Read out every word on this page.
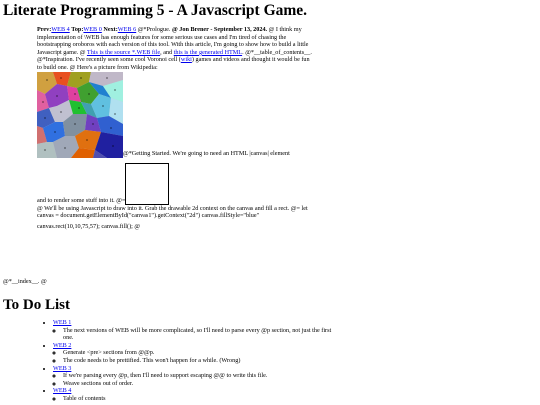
Literate Programming 5 - A Javascript Game.

Prev:WEB 4 Top:WEB 0 Next:WEB 6 @*Prologue. @ Jon Brener - September 13, 2024. @ I think my implementation of \WEB has enough features for some serious use cases and I'm tired of chasing the bootstrapping oroboros with each version of this tool. With this article, I'm going to show how to build a little Javascript game. @ This is the source *.WEB file, and this is the generated HTML. @*__table_of_contents__. @*Inspiration. I've recently seen some cool Voronoi cell (wiki) games and videos and thought it would be fun to build one. @ Here's a picture from Wikipedia:

@*Getting Started. We're going to need an HTML |canvas| element
and to render some stuff into it. @=

@ We'll be using Javascript to draw into it. Grab the drawable 2d context on the canvas and fill a rect. @= let canvas = document.getElementById("canvas1").getContext("2d") canvas.fillStyle="blue"

canvas.rect(10,10,75,57); canvas.fill(); @
@*__index__. @
To Do List
• WEB 1
◦ The next versions of WEB will be more complicated, so I'll need to parse every @p section, not just the first one.
• WEB 2
◦ Generate <pre> sections from @@p.
◦ The code needs to be prettified. This won't happen for a while. (Wrong)
• WEB 3
◦ If we're parsing every @p, then I'll need to support escaping @@ to write this file.
◦ Weave sections out of order.
• WEB 4
◦ Table of contents
